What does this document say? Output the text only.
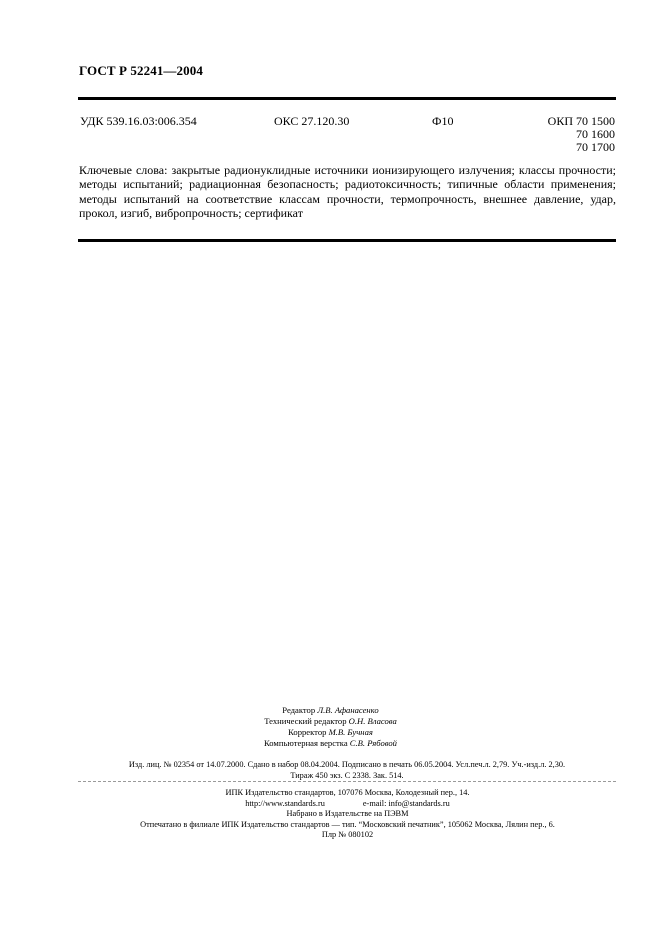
ГОСТ Р 52241—2004
УДК 539.16.03:006.354	ОКС 27.120.30	Ф10	ОКП 70 1500
70 1600
70 1700
Ключевые слова: закрытые радионуклидные источники ионизирующего излучения; классы прочности; методы испытаний; радиационная безопасность; радиотоксичность; типичные области применения; методы испытаний на соответствие классам прочности, термопрочность, внешнее давление, удар, прокол, изгиб, вибропрочность; сертификат
Редактор Л.В. Афанасенко
Технический редактор О.Н. Власова
Корректор М.В. Бучная
Компьютерная верстка С.В. Рябовой
Изд. лиц. № 02354 от 14.07.2000. Сдано в набор 08.04.2004. Подписано в печать 06.05.2004. Усл.печ.л. 2,79. Уч.-изд.л. 2,30.
Тираж 450 экз. С 2338. Зак. 514.
ИПК Издательство стандартов, 107076 Москва, Колодезный пер., 14.
http://www.standards.ru	e-mail: info@standards.ru
Набрано в Издательстве на ПЭВМ
Отпечатано в филиале ИПК Издательство стандартов — тип. “Московский печатник”, 105062 Москва, Лялин пер., 6.
Плр № 080102
